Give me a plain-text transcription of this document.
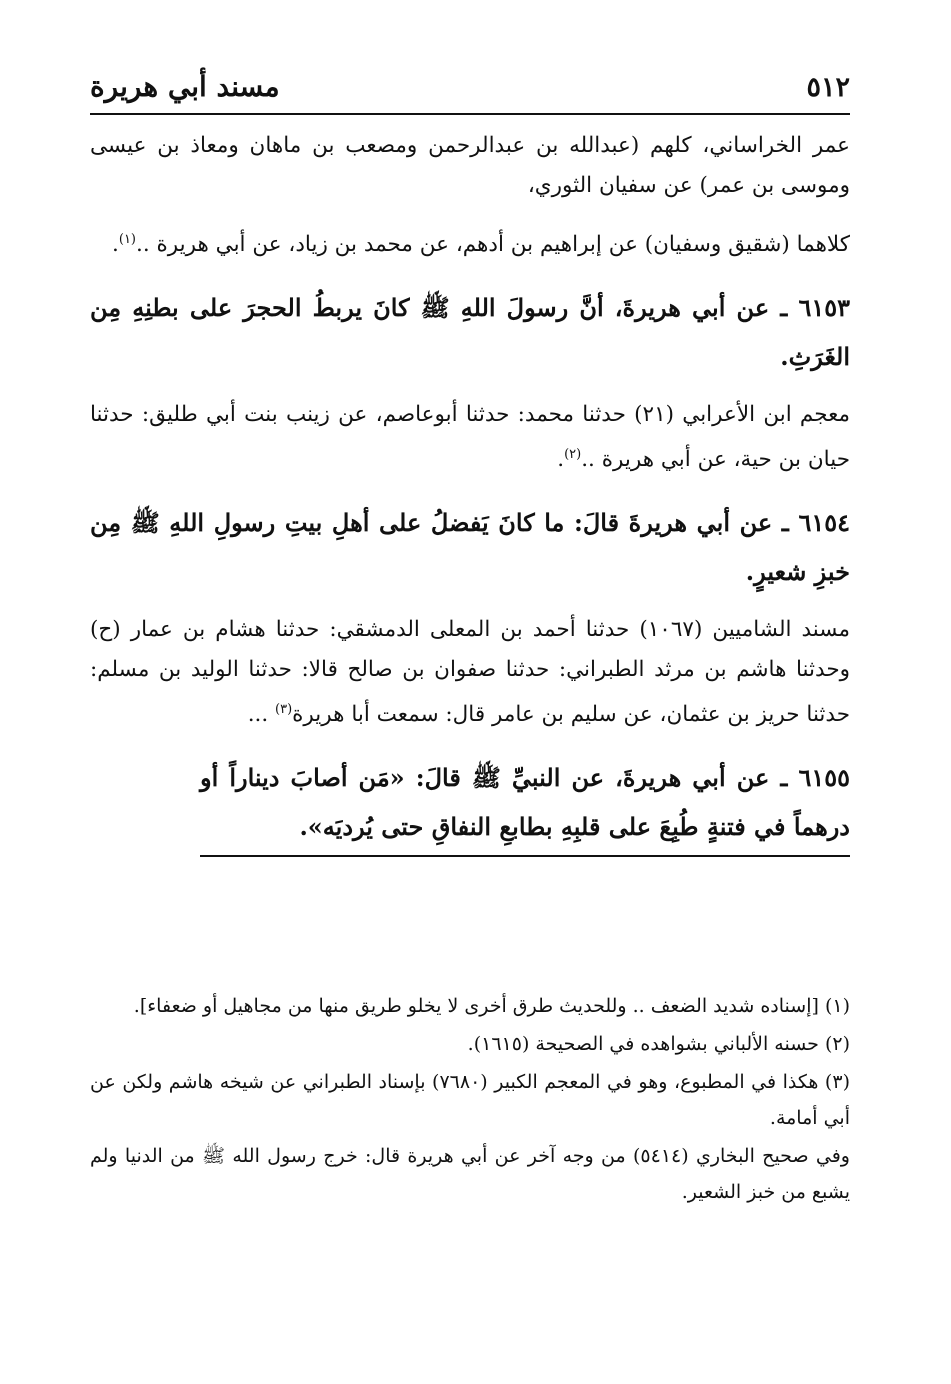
٥١٢
مسند أبي هريرة

عمر الخراساني، كلهم (عبدالله بن عبدالرحمن ومصعب بن ماهان ومعاذ بن عيسى وموسى بن عمر) عن سفيان الثوري،

كلاهما (شقيق وسفيان) عن إبراهيم بن أدهم، عن محمد بن زياد، عن أبي هريرة ..$^{(١)}$.

٦١٥٣ ـ عن أبي هريرةَ، أنَّ رسولَ اللهِ ﷺ كانَ يربطُ الحجرَ على بطنِهِ مِن الغَرَثِ.

معجم ابن الأعرابي (٢١) حدثنا محمد: حدثنا أبوعاصم، عن زينب بنت أبي طليق: حدثنا حيان بن حية، عن أبي هريرة ..$^{(٢)}$.

٦١٥٤ ـ عن أبي هريرةَ قالَ: ما كانَ يَفضلُ على أهلِ بيتِ رسولِ اللهِ ﷺ مِن خبزِ شعيرٍ.

مسند الشاميين (١٠٦٧) حدثنا أحمد بن المعلى الدمشقي: حدثنا هشام بن عمار (ح) وحدثنا هاشم بن مرثد الطبراني: حدثنا صفوان بن صالح قالا: حدثنا الوليد بن مسلم: حدثنا حريز بن عثمان، عن سليم بن عامر قال: سمعت أبا هريرة$^{(٣)}$ ...

٦١٥٥ ـ عن أبي هريرةَ، عن النبيِّ ﷺ قالَ: «مَن أصابَ ديناراً أو درهماً في فتنةٍ طُبِعَ على قلبِهِ بطابعِ النفاقِ حتى يُرديَه».

(١) [إسناده شديد الضعف .. وللحديث طرق أخرى لا يخلو طريق منها من مجاهيل أو ضعفاء].

(٢) حسنه الألباني بشواهده في الصحيحة (١٦١٥).

(٣) هكذا في المطبوع، وهو في المعجم الكبير (٧٦٨٠) بإسناد الطبراني عن شيخه هاشم ولكن عن أبي أمامة.

وفي صحيح البخاري (٥٤١٤) من وجه آخر عن أبي هريرة قال: خرج رسول الله ﷺ من الدنيا ولم يشبع من خبز الشعير.
